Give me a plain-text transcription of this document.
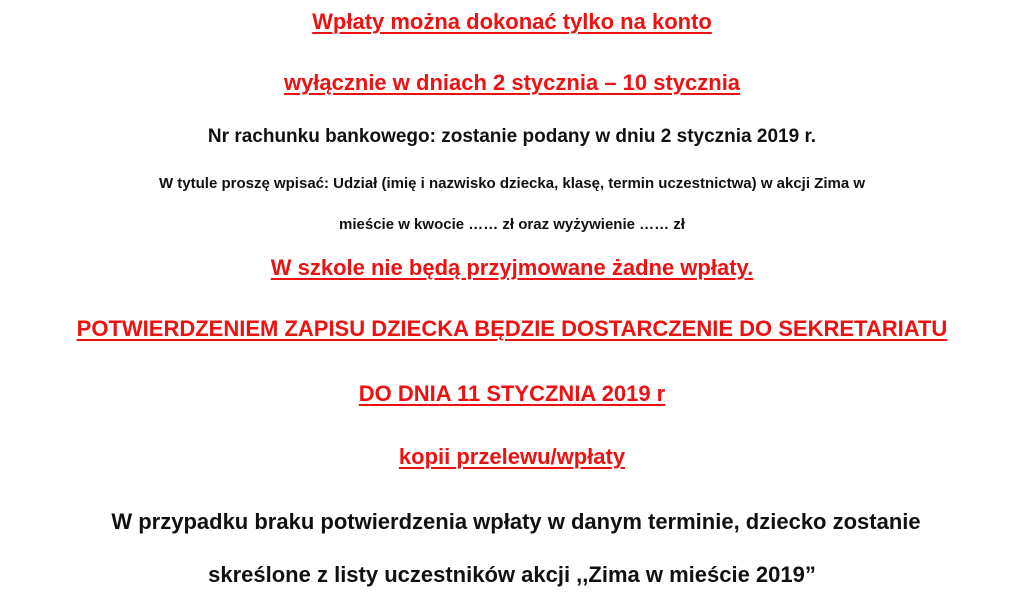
Wpłaty można dokonać tylko na konto
wyłącznie w dniach 2 stycznia – 10 stycznia
Nr rachunku bankowego: zostanie podany w dniu 2 stycznia 2019 r.
W tytule proszę wpisać: Udział (imię i nazwisko dziecka, klasę, termin uczestnictwa) w akcji Zima w
mieście w kwocie …… zł oraz wyżywienie …… zł
W szkole nie będą przyjmowane żadne wpłaty.
POTWIERDZENIEM ZAPISU DZIECKA BĘDZIE DOSTARCZENIE DO SEKRETARIATU
DO DNIA 11 STYCZNIA 2019 r
kopii przelewu/wpłaty
W przypadku braku potwierdzenia wpłaty w danym terminie, dziecko zostanie
skreślone z listy uczestników akcji ,,Zima w mieście 2019”
